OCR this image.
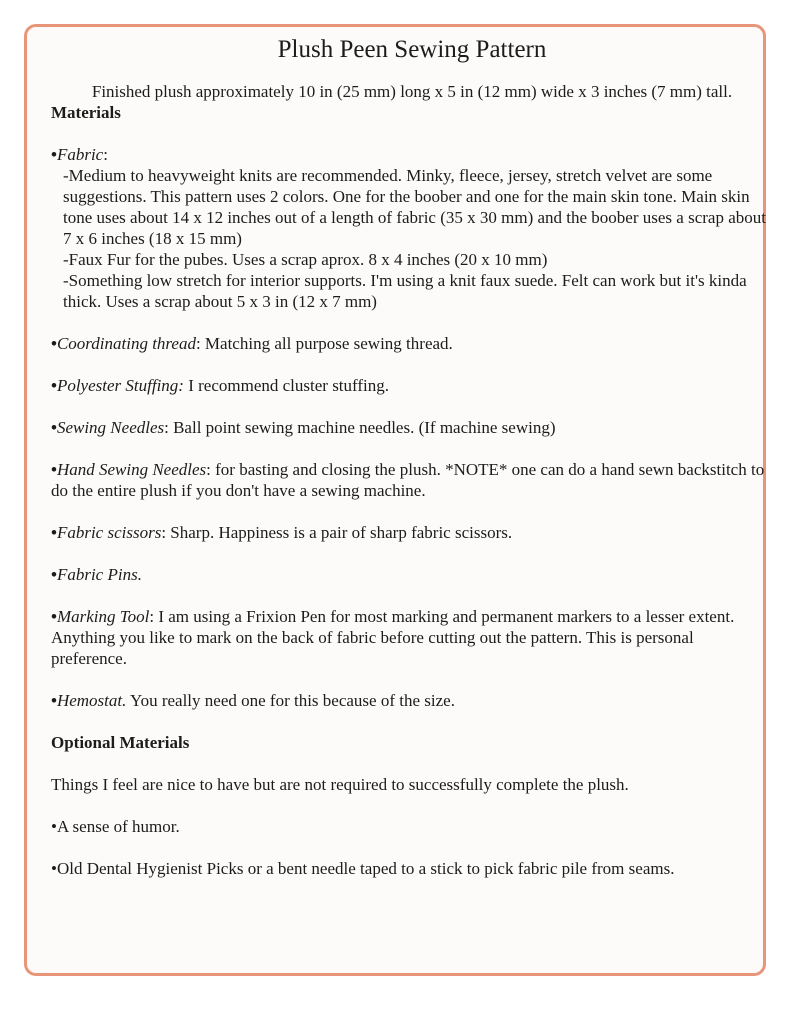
Plush Peen Sewing Pattern
Finished plush approximately 10 in (25 mm) long x 5 in (12 mm) wide x 3 inches (7 mm) tall.
Materials

•Fabric:

-Medium to heavyweight knits are recommended. Minky, fleece, jersey, stretch velvet are some suggestions. This pattern uses 2 colors. One for the boober and one for the main skin tone. Main skin tone uses about 14 x 12 inches out of a length of fabric (35 x 30 mm) and the boober uses a scrap about 7 x 6 inches (18 x 15 mm)

-Faux Fur for the pubes. Uses a scrap aprox. 8 x 4 inches (20 x 10 mm)

-Something low stretch for interior supports. I'm using a knit faux suede. Felt can work but it's kinda thick. Uses a scrap about 5 x 3 in (12 x 7 mm)

•Coordinating thread: Matching all purpose sewing thread.

•Polyester Stuffing: I recommend cluster stuffing.

•Sewing Needles: Ball point sewing machine needles. (If machine sewing)

•Hand Sewing Needles: for basting and closing the plush. *NOTE* one can do a hand sewn backstitch to do the entire plush if you don't have a sewing machine.

•Fabric scissors: Sharp. Happiness is a pair of sharp fabric scissors.

•Fabric Pins.

•Marking Tool: I am using a Frixion Pen for most marking and permanent markers to a lesser extent. Anything you like to mark on the back of fabric before cutting out the pattern. This is personal preference.

•Hemostat. You really need one for this because of the size.

Optional Materials

Things I feel are nice to have but are not required to successfully complete the plush.

•A sense of humor.

•Old Dental Hygienist Picks or a bent needle taped to a stick to pick fabric pile from seams.
